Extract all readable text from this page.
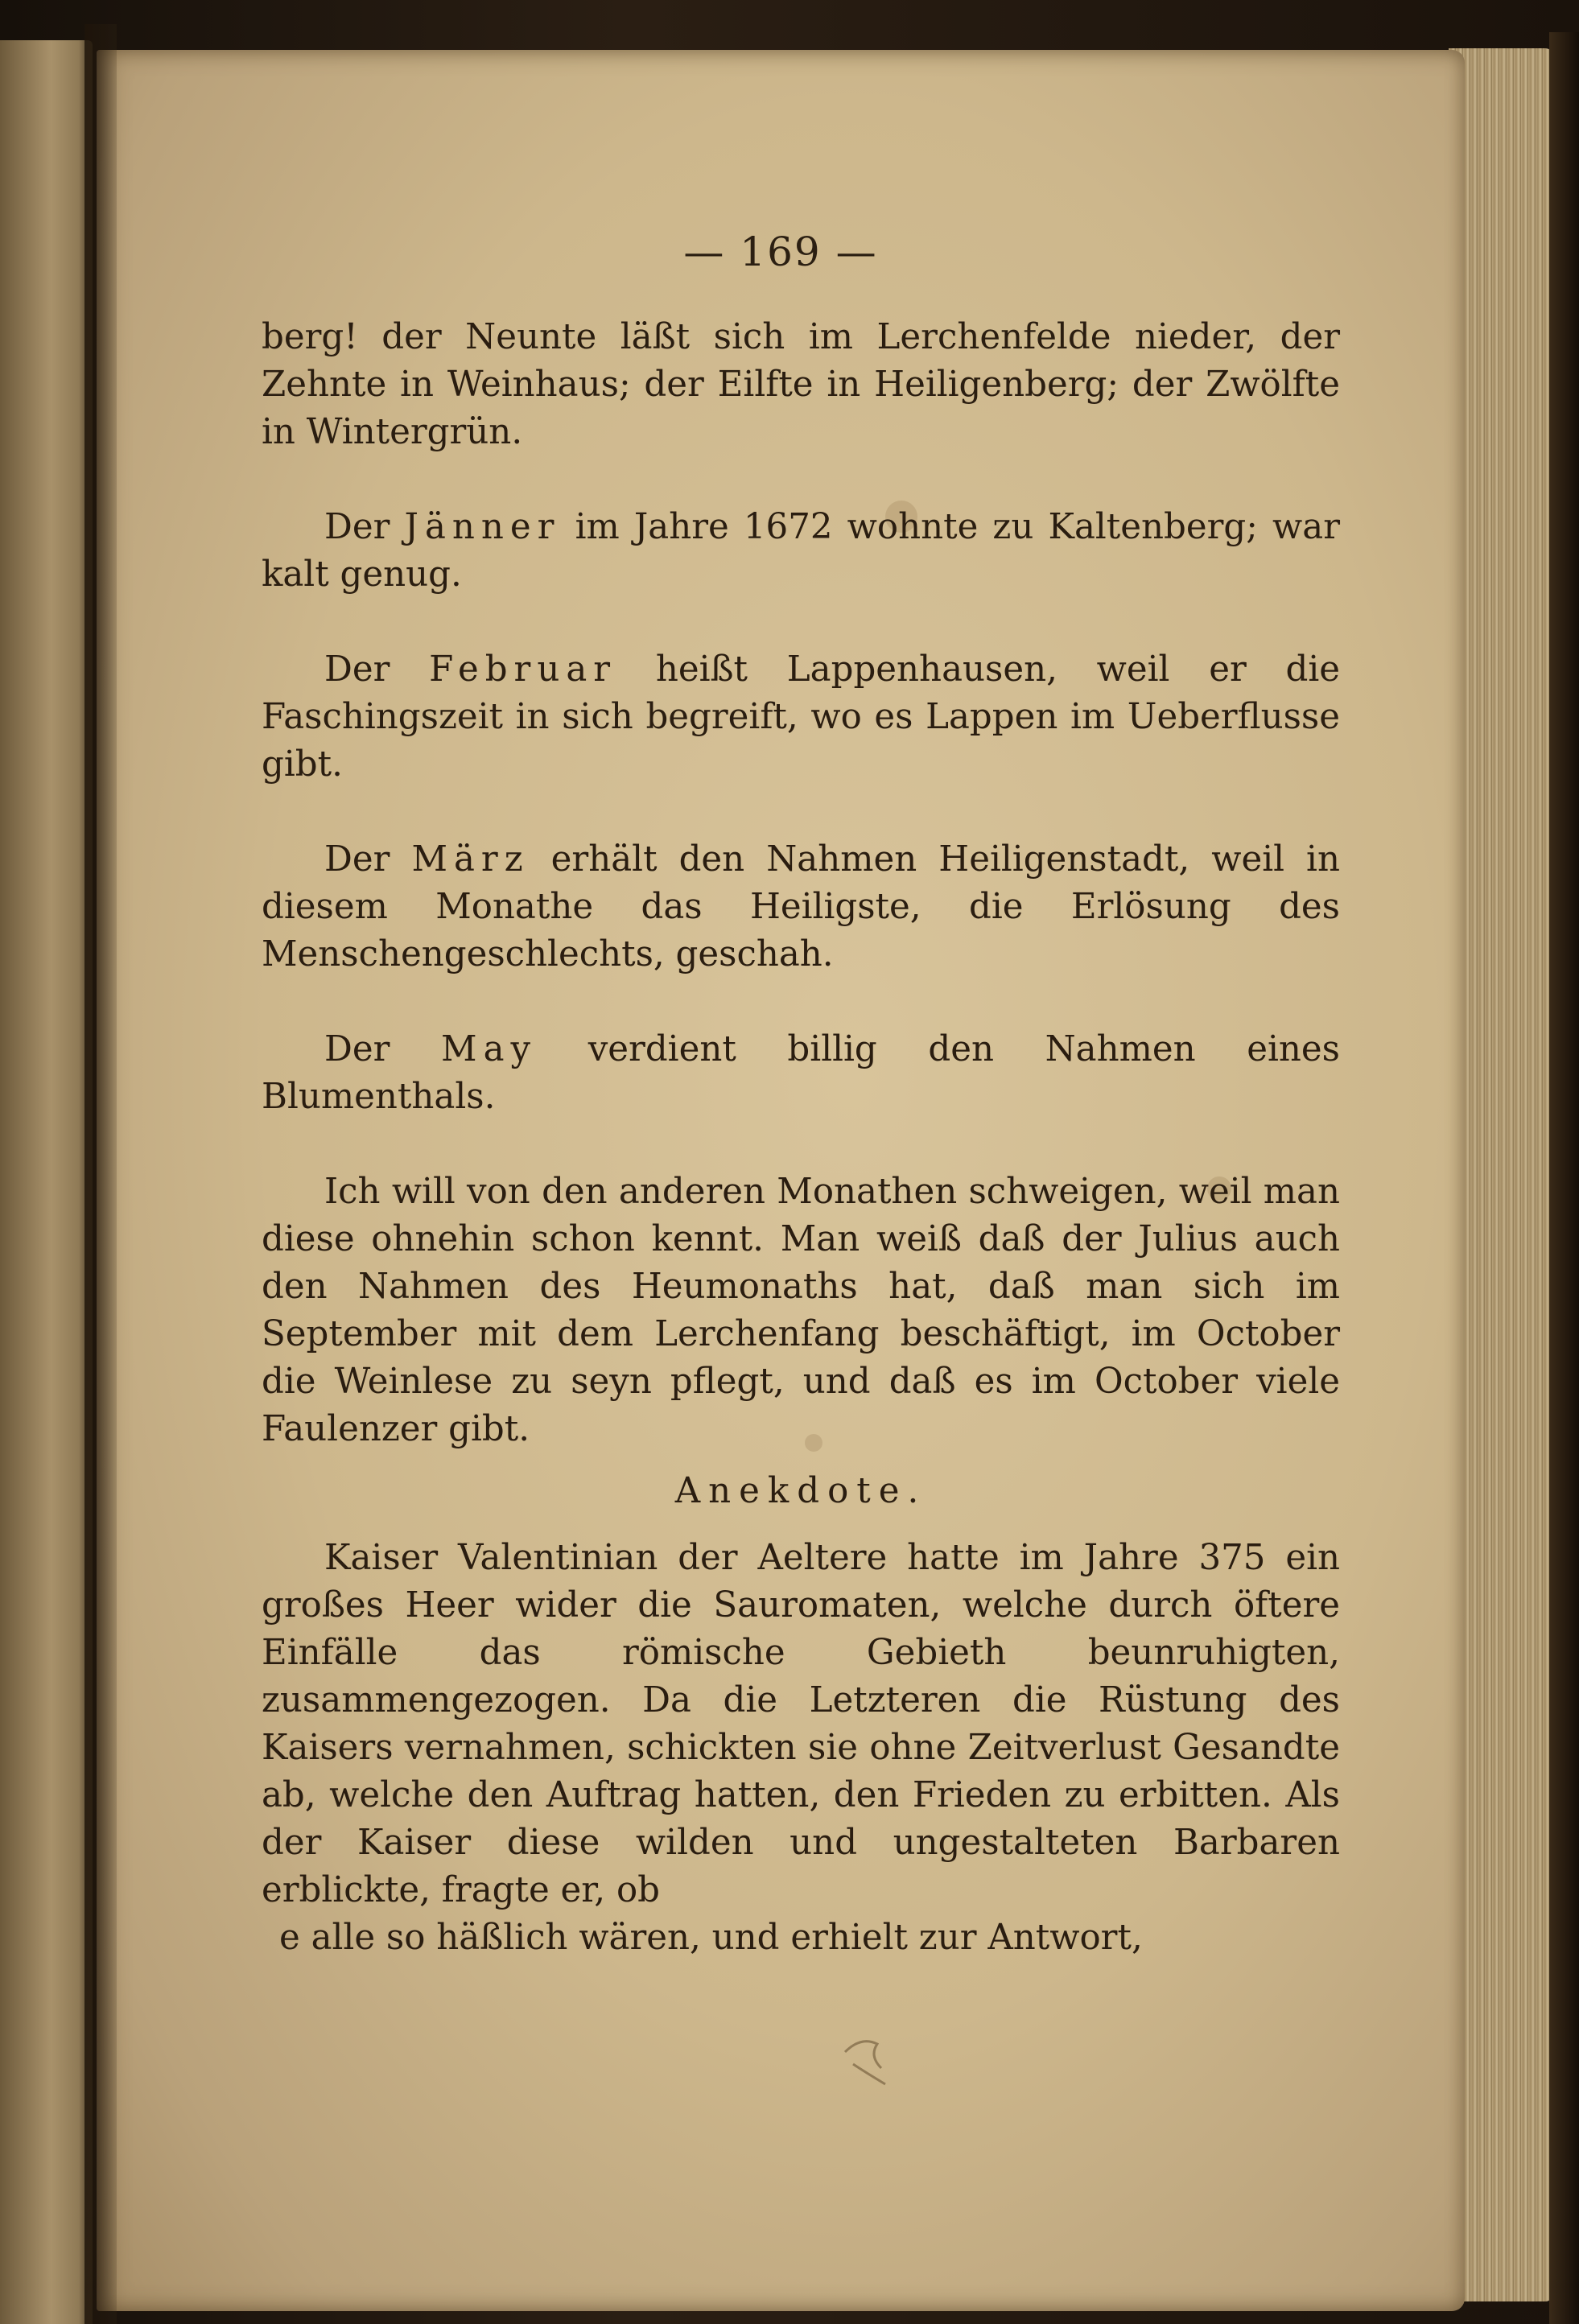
— 169 —

berg! der Neunte läßt sich im Lerchenfelde nieder, der Zehnte in Weinhaus; der Eilfte in Heiligenberg; der Zwölfte in Wintergrün.

Der Jänner im Jahre 1672 wohnte zu Kaltenberg; war kalt genug.

Der Februar heißt Lappenhausen, weil er die Faschingszeit in sich begreift, wo es Lappen im Ueberflusse gibt.

Der März erhält den Nahmen Heiligenstadt, weil in diesem Monathe das Heiligste, die Erlösung des Menschengeschlechts, geschah.

Der May verdient billig den Nahmen eines Blumenthals.

Ich will von den anderen Monathen schweigen, weil man diese ohnehin schon kennt. Man weiß daß der Julius auch den Nahmen des Heumonaths hat, daß man sich im September mit dem Lerchenfang beschäftigt, im October die Weinlese zu seyn pflegt, und daß es im October viele Faulenzer gibt.

Anekdote.

Kaiser Valentinian der Aeltere hatte im Jahre 375 ein großes Heer wider die Sauromaten, welche durch öftere Einfälle das römische Gebieth beunruhigten, zusammengezogen. Da die Letzteren die Rüstung des Kaisers vernahmen, schickten sie ohne Zeitverlust Gesandte ab, welche den Auftrag hatten, den Frieden zu erbitten. Als der Kaiser diese wilden und ungestalteten Barbaren erblickte, fragte er, ob

e alle so häßlich wären, und erhielt zur Antwort,
